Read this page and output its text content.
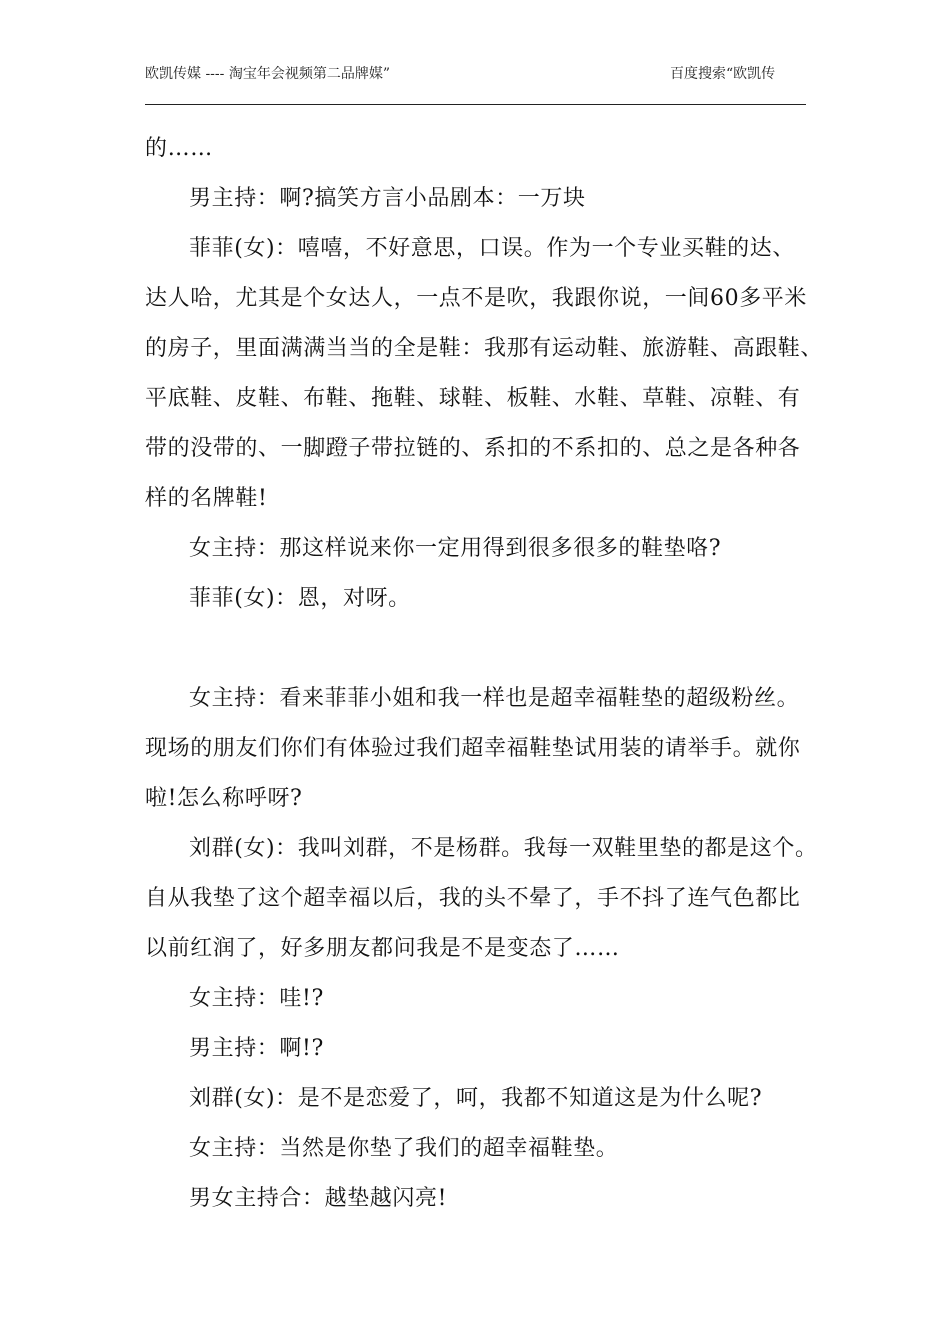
欧凯传媒 ---- 淘宝年会视频第二品牌媒”	百度搜索“欧凯传
的……
男主持：啊?搞笑方言小品剧本：一万块
菲菲(女)：嘻嘻，不好意思，口误。作为一个专业买鞋的达、
达人哈，尤其是个女达人，一点不是吹，我跟你说，一间60多平米
的房子，里面满满当当的全是鞋：我那有运动鞋、旅游鞋、高跟鞋、
平底鞋、皮鞋、布鞋、拖鞋、球鞋、板鞋、水鞋、草鞋、凉鞋、有
带的没带的、一脚蹬子带拉链的、系扣的不系扣的、总之是各种各
样的名牌鞋!
女主持：那这样说来你一定用得到很多很多的鞋垫咯?
菲菲(女)：恩，对呀。
女主持：看来菲菲小姐和我一样也是超幸福鞋垫的超级粉丝。
现场的朋友们你们有体验过我们超幸福鞋垫试用装的请举手。就你
啦!怎么称呼呀?
刘群(女)：我叫刘群，不是杨群。我每一双鞋里垫的都是这个。
自从我垫了这个超幸福以后，我的头不晕了，手不抖了连气色都比
以前红润了，好多朋友都问我是不是变态了……
女主持：哇!?
男主持：啊!?
刘群(女)：是不是恋爱了，呵，我都不知道这是为什么呢?
女主持：当然是你垫了我们的超幸福鞋垫。
男女主持合：越垫越闪亮!
